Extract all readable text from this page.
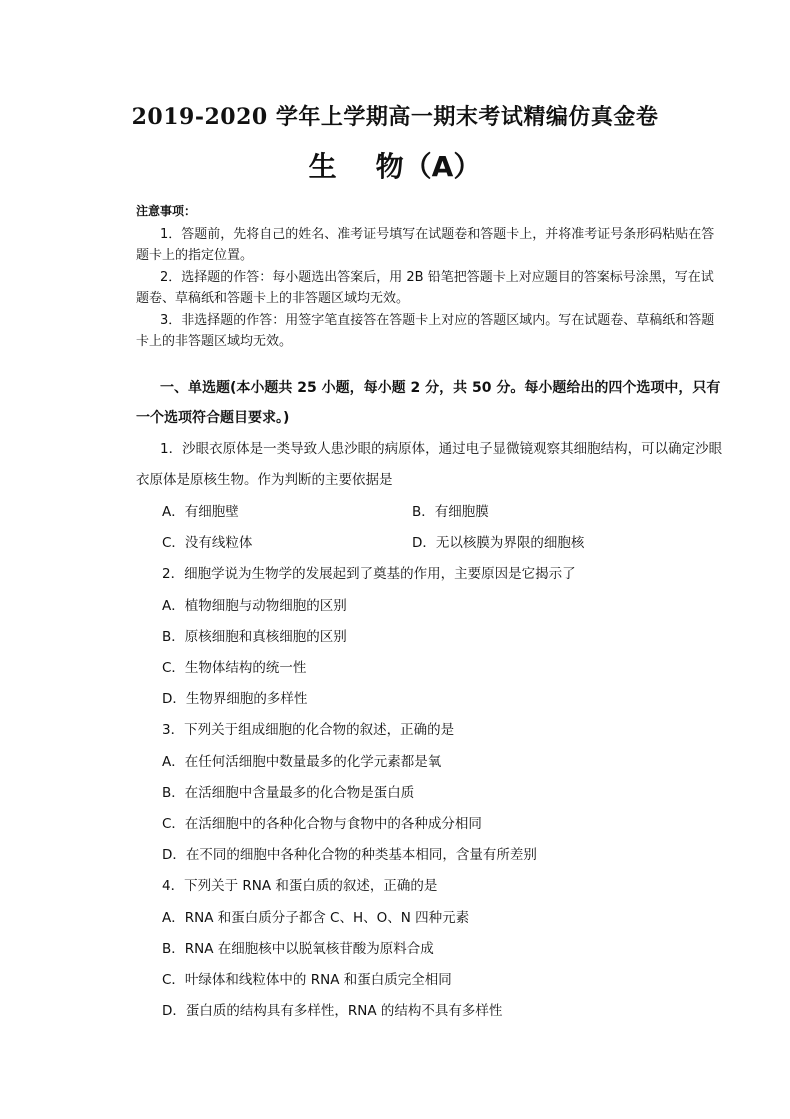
2019-2020 学年上学期高一期末考试精编仿真金卷
生    物（A）
注意事项：
1．答题前，先将自己的姓名、准考证号填写在试题卷和答题卡上，并将准考证号条形码粘贴在答题卡上的指定位置。
2．选择题的作答：每小题选出答案后，用 2B 铅笔把答题卡上对应题目的答案标号涂黑，写在试题卷、草稿纸和答题卡上的非答题区域均无效。
3．非选择题的作答：用签字笔直接答在答题卡上对应的答题区域内。写在试题卷、草稿纸和答题卡上的非答题区域均无效。
一、单选题(本小题共 25 小题，每小题 2 分，共 50 分。每小题给出的四个选项中，只有一个选项符合题目要求。)
1．沙眼衣原体是一类导致人患沙眼的病原体，通过电子显微镜观察其细胞结构，可以确定沙眼衣原体是原核生物。作为判断的主要依据是
A．有细胞壁	B．有细胞膜
C．没有线粒体	D．无以核膜为界限的细胞核
2．细胞学说为生物学的发展起到了奠基的作用，主要原因是它揭示了
A．植物细胞与动物细胞的区别
B．原核细胞和真核细胞的区别
C．生物体结构的统一性
D．生物界细胞的多样性
3．下列关于组成细胞的化合物的叙述，正确的是
A．在任何活细胞中数量最多的化学元素都是氧
B．在活细胞中含量最多的化合物是蛋白质
C．在活细胞中的各种化合物与食物中的各种成分相同
D．在不同的细胞中各种化合物的种类基本相同，含量有所差别
4．下列关于 RNA 和蛋白质的叙述，正确的是
A．RNA 和蛋白质分子都含 C、H、O、N 四种元素
B．RNA 在细胞核中以脱氧核苷酸为原料合成
C．叶绿体和线粒体中的 RNA 和蛋白质完全相同
D．蛋白质的结构具有多样性，RNA 的结构不具有多样性
